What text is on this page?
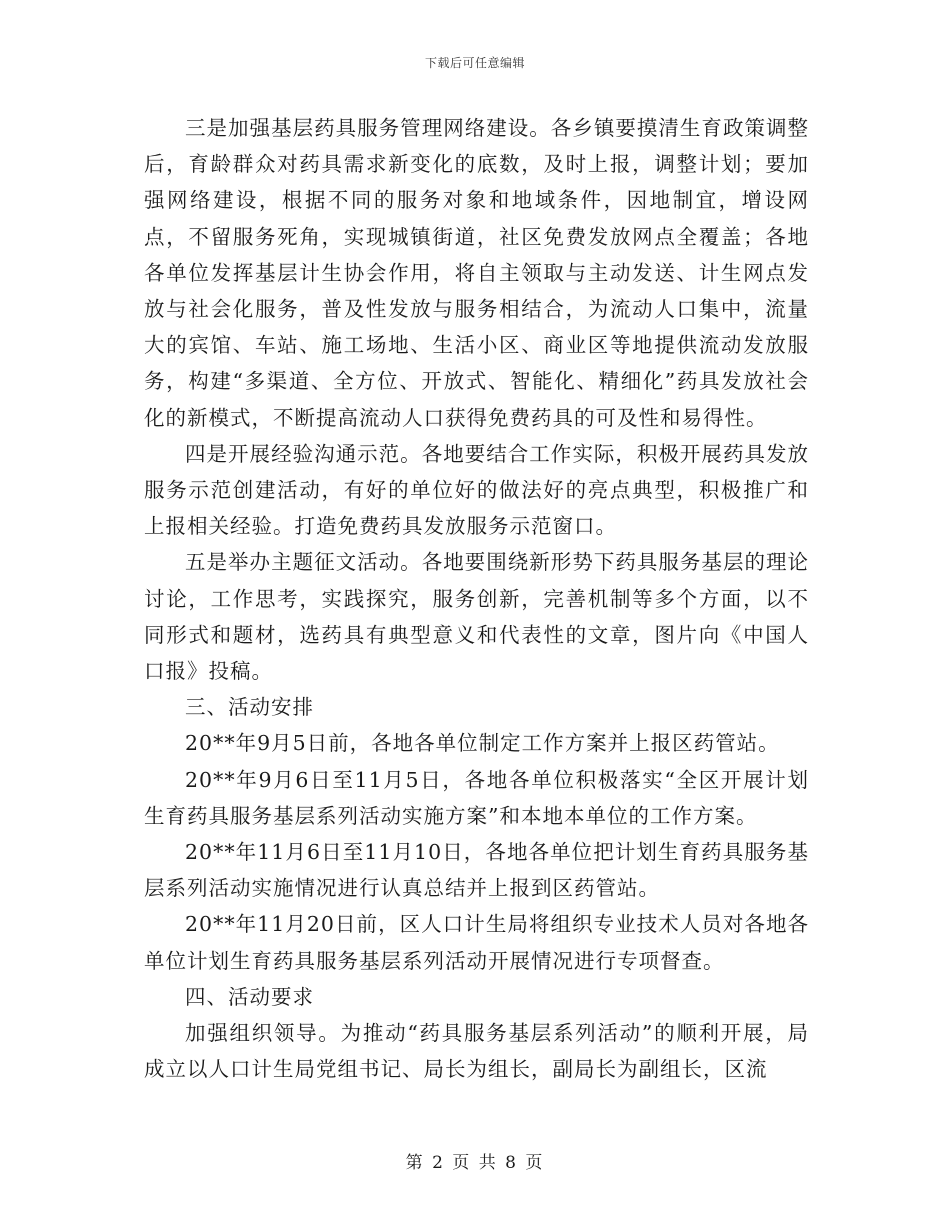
下载后可任意编辑

三是加强基层药具服务管理网络建设。各乡镇要摸清生育政策调整后，育龄群众对药具需求新变化的底数，及时上报，调整计划；要加强网络建设，根据不同的服务对象和地域条件，因地制宜，增设网点，不留服务死角，实现城镇街道，社区免费发放网点全覆盖；各地各单位发挥基层计生协会作用，将自主领取与主动发送、计生网点发放与社会化服务，普及性发放与服务相结合，为流动人口集中，流量大的宾馆、车站、施工场地、生活小区、商业区等地提供流动发放服务，构建“多渠道、全方位、开放式、智能化、精细化”药具发放社会化的新模式，不断提高流动人口获得免费药具的可及性和易得性。

四是开展经验沟通示范。各地要结合工作实际，积极开展药具发放服务示范创建活动，有好的单位好的做法好的亮点典型，积极推广和上报相关经验。打造免费药具发放服务示范窗口。

五是举办主题征文活动。各地要围绕新形势下药具服务基层的理论讨论，工作思考，实践探究，服务创新，完善机制等多个方面，以不同形式和题材，选药具有典型意义和代表性的文章，图片向《中国人口报》投稿。

三、活动安排

20**年9月5日前，各地各单位制定工作方案并上报区药管站。

20**年9月6日至11月5日，各地各单位积极落实“全区开展计划生育药具服务基层系列活动实施方案”和本地本单位的工作方案。

20**年11月6日至11月10日，各地各单位把计划生育药具服务基层系列活动实施情况进行认真总结并上报到区药管站。

20**年11月20日前，区人口计生局将组织专业技术人员对各地各单位计划生育药具服务基层系列活动开展情况进行专项督查。

四、活动要求

加强组织领导。为推动“药具服务基层系列活动”的顺利开展，局成立以人口计生局党组书记、局长为组长，副局长为副组长，区流

第 2 页 共 8 页
